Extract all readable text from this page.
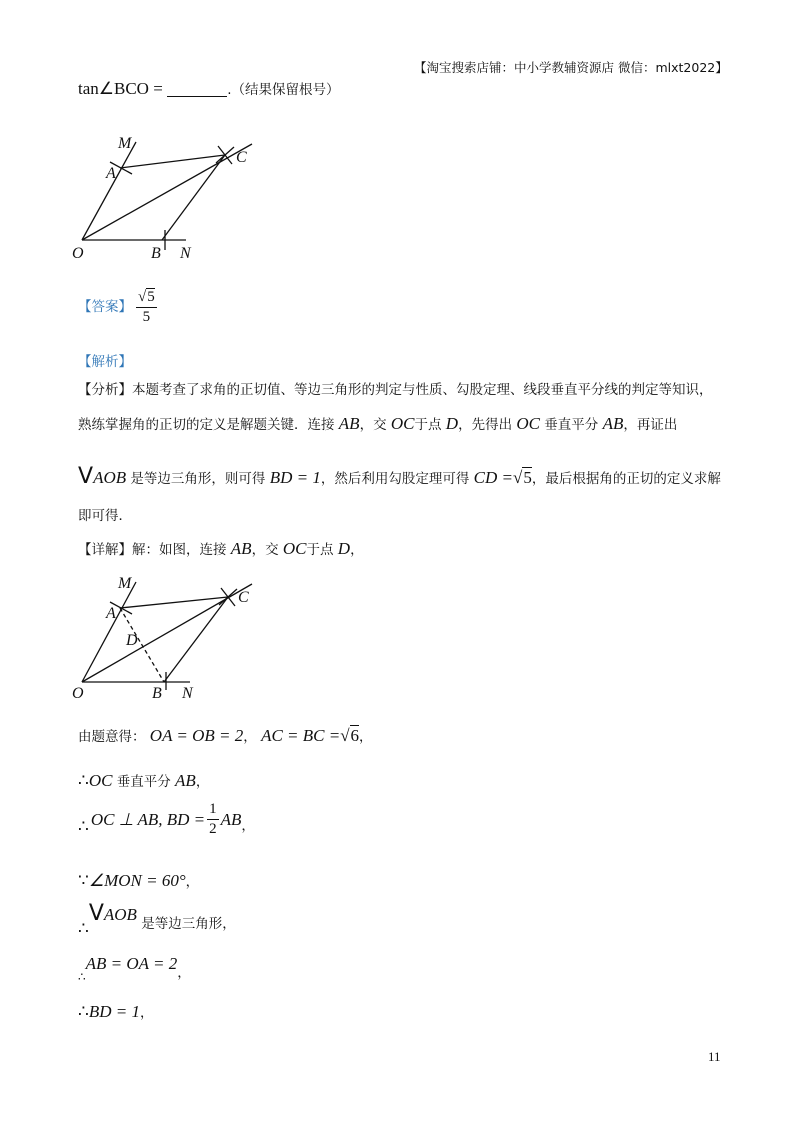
【淘宝搜索店铺：中小学教辅资源店 微信：mlxt2022】
tan∠BCO =	.（结果保留根号）
M
A
C
O	B N
【答案】 $\frac{√5}{5}$
【解析】
【分析】本题考查了求角的正切值、等边三角形的判定与性质、勾股定理、线段垂直平分线的判定等知识，
熟练掌握角的正切的定义是解题关键．连接 AB，交 OC于点 D，先得出 OC 垂直平分 AB，再证出
VAOB 是等边三角形，则可得 BD = 1，然后利用勾股定理可得 CD =√5，最后根据角的正切的定义求解
即可得．
【详解】解：如图，连接 AB，交 OC于点 D，
M
A
C
D
O	B N
由题意得： OA = OB = 2， AC = BC =√6，
∴OC 垂直平分 AB，
∴ OC ⊥ AB, BD = $\frac{1}{2}$ AB ，
∵∠MON = 60°，
∴VAOB 是等边三角形，
∴AB = OA = 2，
∴BD = 1，
11
